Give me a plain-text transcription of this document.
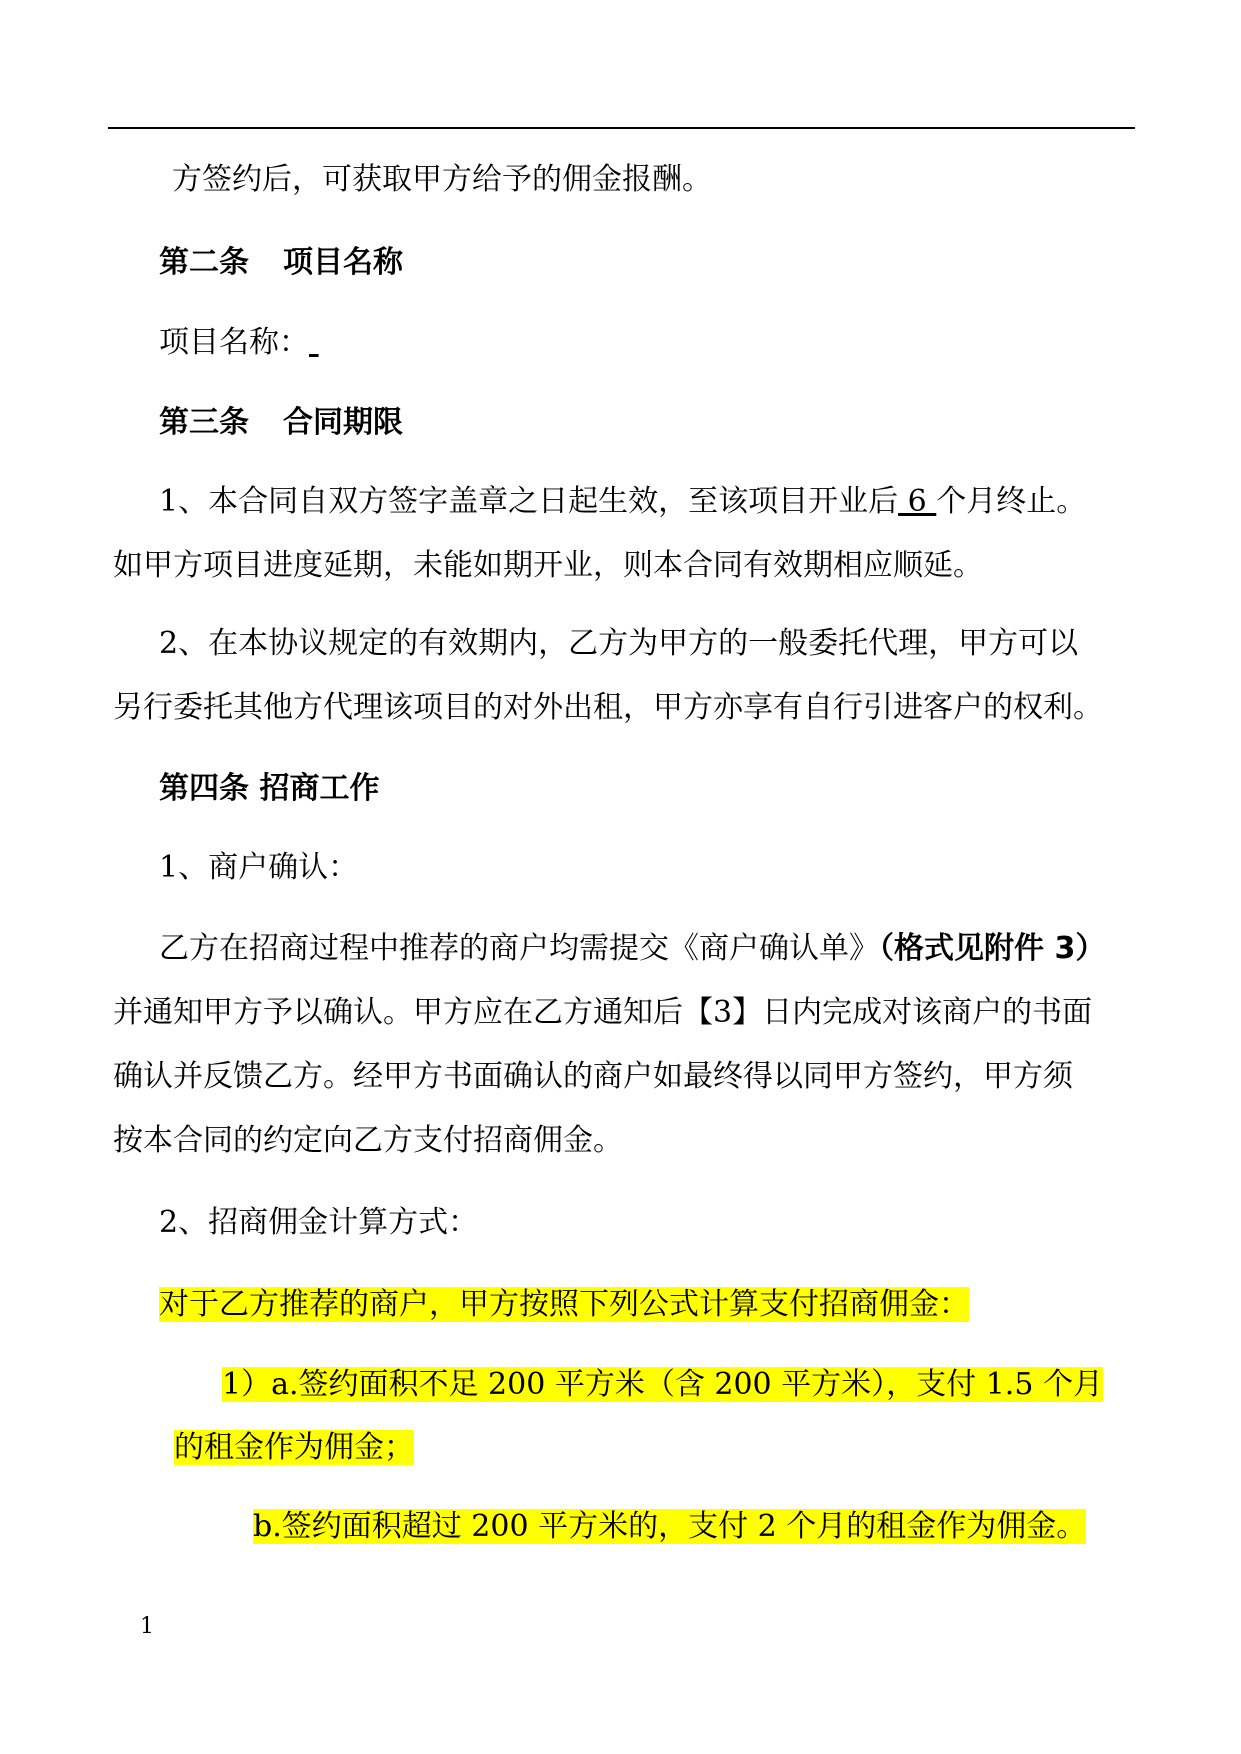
方签约后，可获取甲方给予的佣金报酬。
第二条 项目名称
项目名称：
第三条 合同期限
1、本合同自双方签字盖章之日起生效，至该项目开业后 6 个月终止。
如甲方项目进度延期，未能如期开业，则本合同有效期相应顺延。
2、在本协议规定的有效期内，乙方为甲方的一般委托代理，甲方可以
另行委托其他方代理该项目的对外出租，甲方亦享有自行引进客户的权利。
第四条 招商工作
1、商户确认：
乙方在招商过程中推荐的商户均需提交《商户确认单》（格式见附件 3）
并通知甲方予以确认。甲方应在乙方通知后【3】日内完成对该商户的书面
确认并反馈乙方。经甲方书面确认的商户如最终得以同甲方签约，甲方须
按本合同的约定向乙方支付招商佣金。
2、招商佣金计算方式：
对于乙方推荐的商户，甲方按照下列公式计算支付招商佣金：
1）a.签约面积不足 200 平方米（含 200 平方米），支付 1.5 个月
的租金作为佣金；
b.签约面积超过 200 平方米的，支付 2 个月的租金作为佣金。
1
